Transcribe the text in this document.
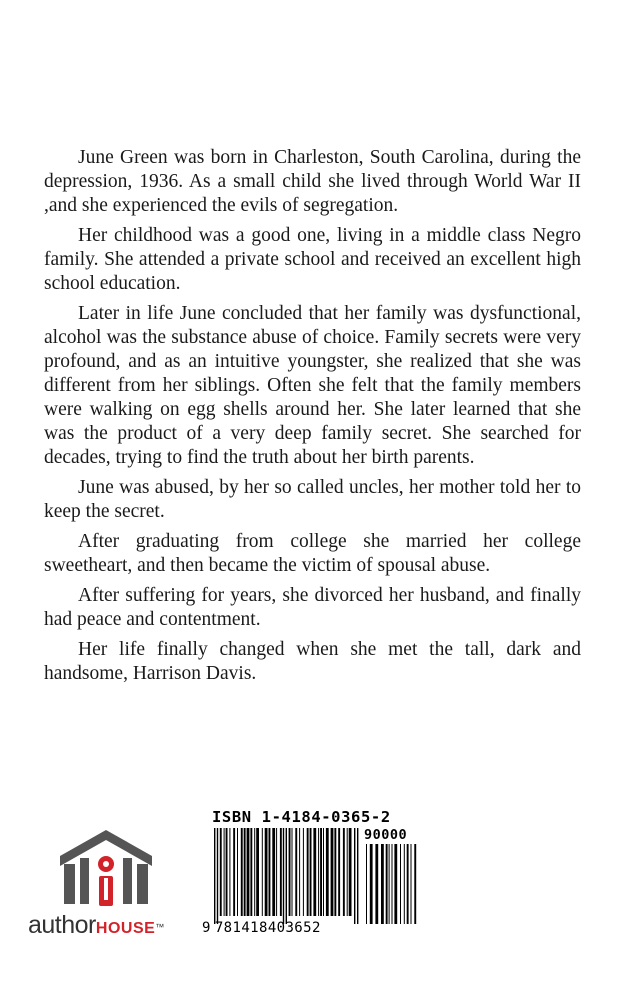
June Green was born in Charleston, South Carolina, during the depression, 1936. As a small child she lived through World War II ,and she experienced the evils of segregation.

Her childhood was a good one, living in a middle class Negro family. She attended a private school and received an excellent high school education.

Later in life June concluded that her family was dysfunctional, alcohol was the substance abuse of choice. Family secrets were very profound, and as an intuitive youngster, she realized that she was different from her siblings. Often she felt that the family members were walking on egg shells around her. She later learned that she was the product of a very deep family secret. She searched for decades, trying to find the truth about her birth parents.

June was abused, by her so called uncles, her mother told her to keep the secret.

After graduating from college she married her college sweetheart, and then became the victim of spousal abuse.

After suffering for years, she divorced her husband, and finally had peace and contentment.

Her life finally changed when she met the tall, dark and handsome, Harrison Davis.

authorHOUSE™
ISBN 1-4184-0365-2
90000
9 781418403652
